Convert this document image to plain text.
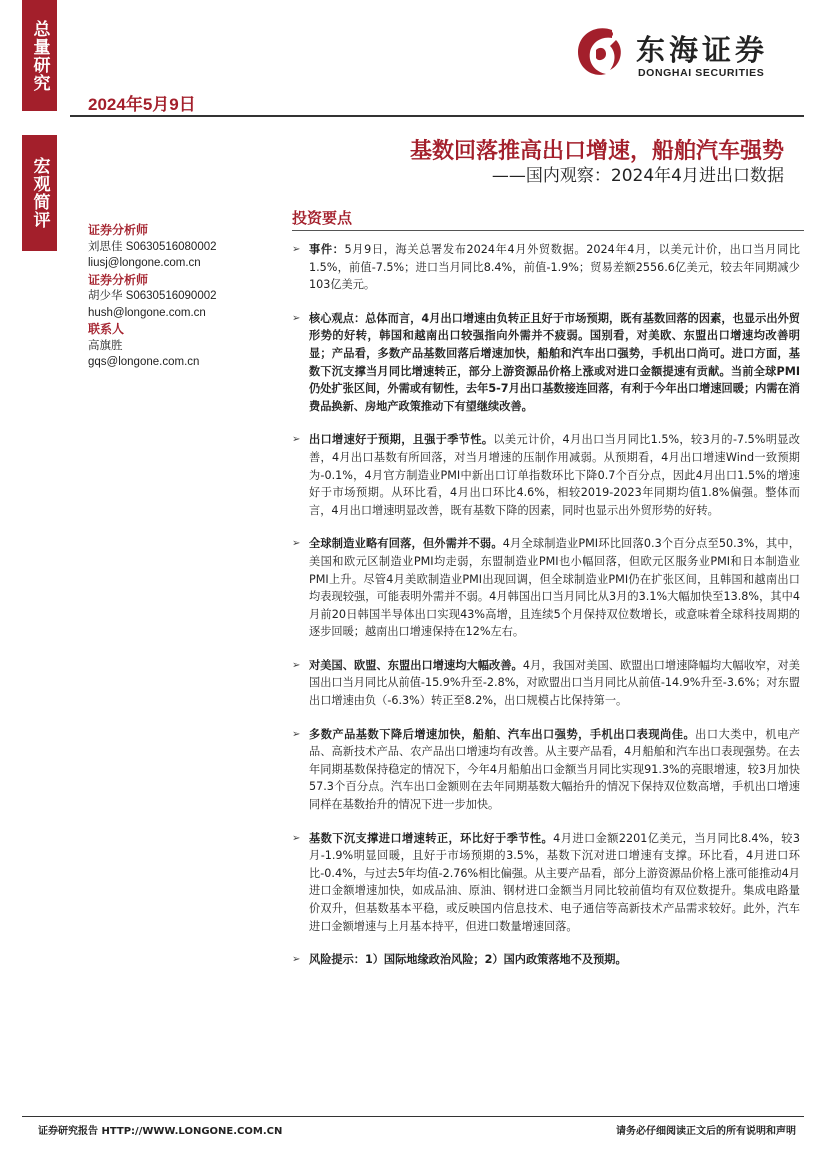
总量研究
宏观简评
2024年5月9日
东海证券
DONGHAI SECURITIES
基数回落推高出口增速，船舶汽车强势
——国内观察：2024年4月进出口数据
证券分析师
刘思佳 S0630516080002
liusj@longone.com.cn
证券分析师
胡少华 S0630516090002
hush@longone.com.cn
联系人
高旗胜
gqs@longone.com.cn
投资要点
➢ 事件：5月9日，海关总署发布2024年4月外贸数据。2024年4月，以美元计价，出口当月同比1.5%，前值-7.5%；进口当月同比8.4%，前值-1.9%；贸易差额2556.6亿美元，较去年同期减少103亿美元。
➢ 核心观点：总体而言，4月出口增速由负转正且好于市场预期，既有基数回落的因素，也显示出外贸形势的好转，韩国和越南出口较强指向外需并不疲弱。国别看，对美欧、东盟出口增速均改善明显；产品看，多数产品基数回落后增速加快，船舶和汽车出口强势，手机出口尚可。进口方面，基数下沉支撑当月同比增速转正，部分上游资源品价格上涨或对进口金额提速有贡献。当前全球PMI仍处扩张区间，外需或有韧性，去年5-7月出口基数接连回落，有利于今年出口增速回暖；内需在消费品换新、房地产政策推动下有望继续改善。
➢ 出口增速好于预期，且强于季节性。以美元计价，4月出口当月同比1.5%，较3月的-7.5%明显改善，4月出口基数有所回落，对当月增速的压制作用减弱。从预期看，4月出口增速Wind一致预期为-0.1%，4月官方制造业PMI中新出口订单指数环比下降0.7个百分点，因此4月出口1.5%的增速好于市场预期。从环比看，4月出口环比4.6%，相较2019-2023年同期均值1.8%偏强。整体而言，4月出口增速明显改善，既有基数下降的因素，同时也显示出外贸形势的好转。
➢ 全球制造业略有回落，但外需并不弱。4月全球制造业PMI环比回落0.3个百分点至50.3%，其中，美国和欧元区制造业PMI均走弱，东盟制造业PMI也小幅回落，但欧元区服务业PMI和日本制造业PMI上升。尽管4月美欧制造业PMI出现回调，但全球制造业PMI仍在扩张区间，且韩国和越南出口均表现较强，可能表明外需并不弱。4月韩国出口当月同比从3月的3.1%大幅加快至13.8%，其中4月前20日韩国半导体出口实现43%高增，且连续5个月保持双位数增长，或意味着全球科技周期的逐步回暖；越南出口增速保持在12%左右。
➢ 对美国、欧盟、东盟出口增速均大幅改善。4月，我国对美国、欧盟出口增速降幅均大幅收窄，对美国出口当月同比从前值-15.9%升至-2.8%，对欧盟出口当月同比从前值-14.9%升至-3.6%；对东盟出口增速由负（-6.3%）转正至8.2%，出口规模占比保持第一。
➢ 多数产品基数下降后增速加快，船舶、汽车出口强势，手机出口表现尚佳。出口大类中，机电产品、高新技术产品、农产品出口增速均有改善。从主要产品看，4月船舶和汽车出口表现强势。在去年同期基数保持稳定的情况下，今年4月船舶出口金额当月同比实现91.3%的亮眼增速，较3月加快57.3个百分点。汽车出口金额则在去年同期基数大幅抬升的情况下保持双位数高增，手机出口增速同样在基数抬升的情况下进一步加快。
➢ 基数下沉支撑进口增速转正，环比好于季节性。4月进口金额2201亿美元，当月同比8.4%，较3月-1.9%明显回暖，且好于市场预期的3.5%，基数下沉对进口增速有支撑。环比看，4月进口环比-0.4%，与过去5年均值-2.76%相比偏强。从主要产品看，部分上游资源品价格上涨可能推动4月进口金额增速加快，如成品油、原油、钢材进口金额当月同比较前值均有双位数提升。集成电路量价双升，但基数基本平稳，或反映国内信息技术、电子通信等高新技术产品需求较好。此外，汽车进口金额增速与上月基本持平，但进口数量增速回落。
➢ 风险提示：1）国际地缘政治风险；2）国内政策落地不及预期。
证券研究报告 HTTP://WWW.LONGONE.COM.CN	请务必仔细阅读正文后的所有说明和声明
